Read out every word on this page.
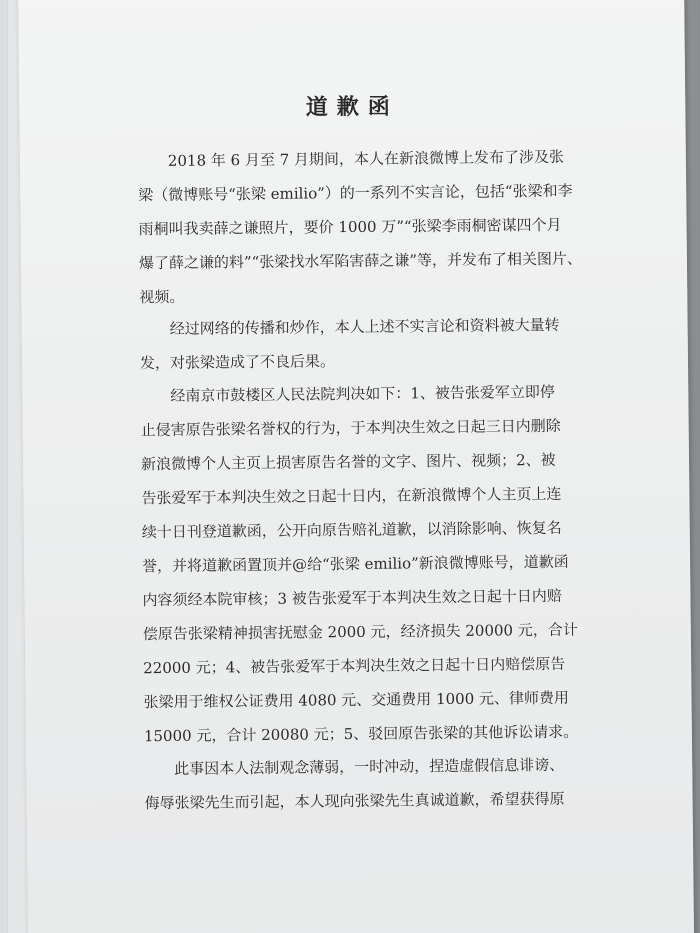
道歉函

　　2018 年 6 月至 7 月期间，本人在新浪微博上发布了涉及张
梁（微博账号“张梁 emilio”）的一系列不实言论，包括“张梁和李
雨桐叫我卖薛之谦照片，要价 1000 万”“张梁李雨桐密谋四个月
爆了薛之谦的料”“张梁找水军陷害薛之谦”等，并发布了相关图片、
视频。

　　经过网络的传播和炒作，本人上述不实言论和资料被大量转
发，对张梁造成了不良后果。

　　经南京市鼓楼区人民法院判决如下：1、被告张爱军立即停
止侵害原告张梁名誉权的行为，于本判决生效之日起三日内删除
新浪微博个人主页上损害原告名誉的文字、图片、视频；2、被
告张爱军于本判决生效之日起十日内，在新浪微博个人主页上连
续十日刊登道歉函，公开向原告赔礼道歉，以消除影响、恢复名
誉，并将道歉函置顶并@给“张梁 emilio”新浪微博账号，道歉函
内容须经本院审核；3 被告张爱军于本判决生效之日起十日内赔
偿原告张梁精神损害抚慰金 2000 元，经济损失 20000 元，合计
22000 元；4、被告张爱军于本判决生效之日起十日内赔偿原告
张梁用于维权公证费用 4080 元、交通费用 1000 元、律师费用
15000 元，合计 20080 元；5、驳回原告张梁的其他诉讼请求。

　　此事因本人法制观念薄弱，一时冲动，捏造虚假信息诽谤、
侮辱张梁先生而引起，本人现向张梁先生真诚道歉，希望获得原
